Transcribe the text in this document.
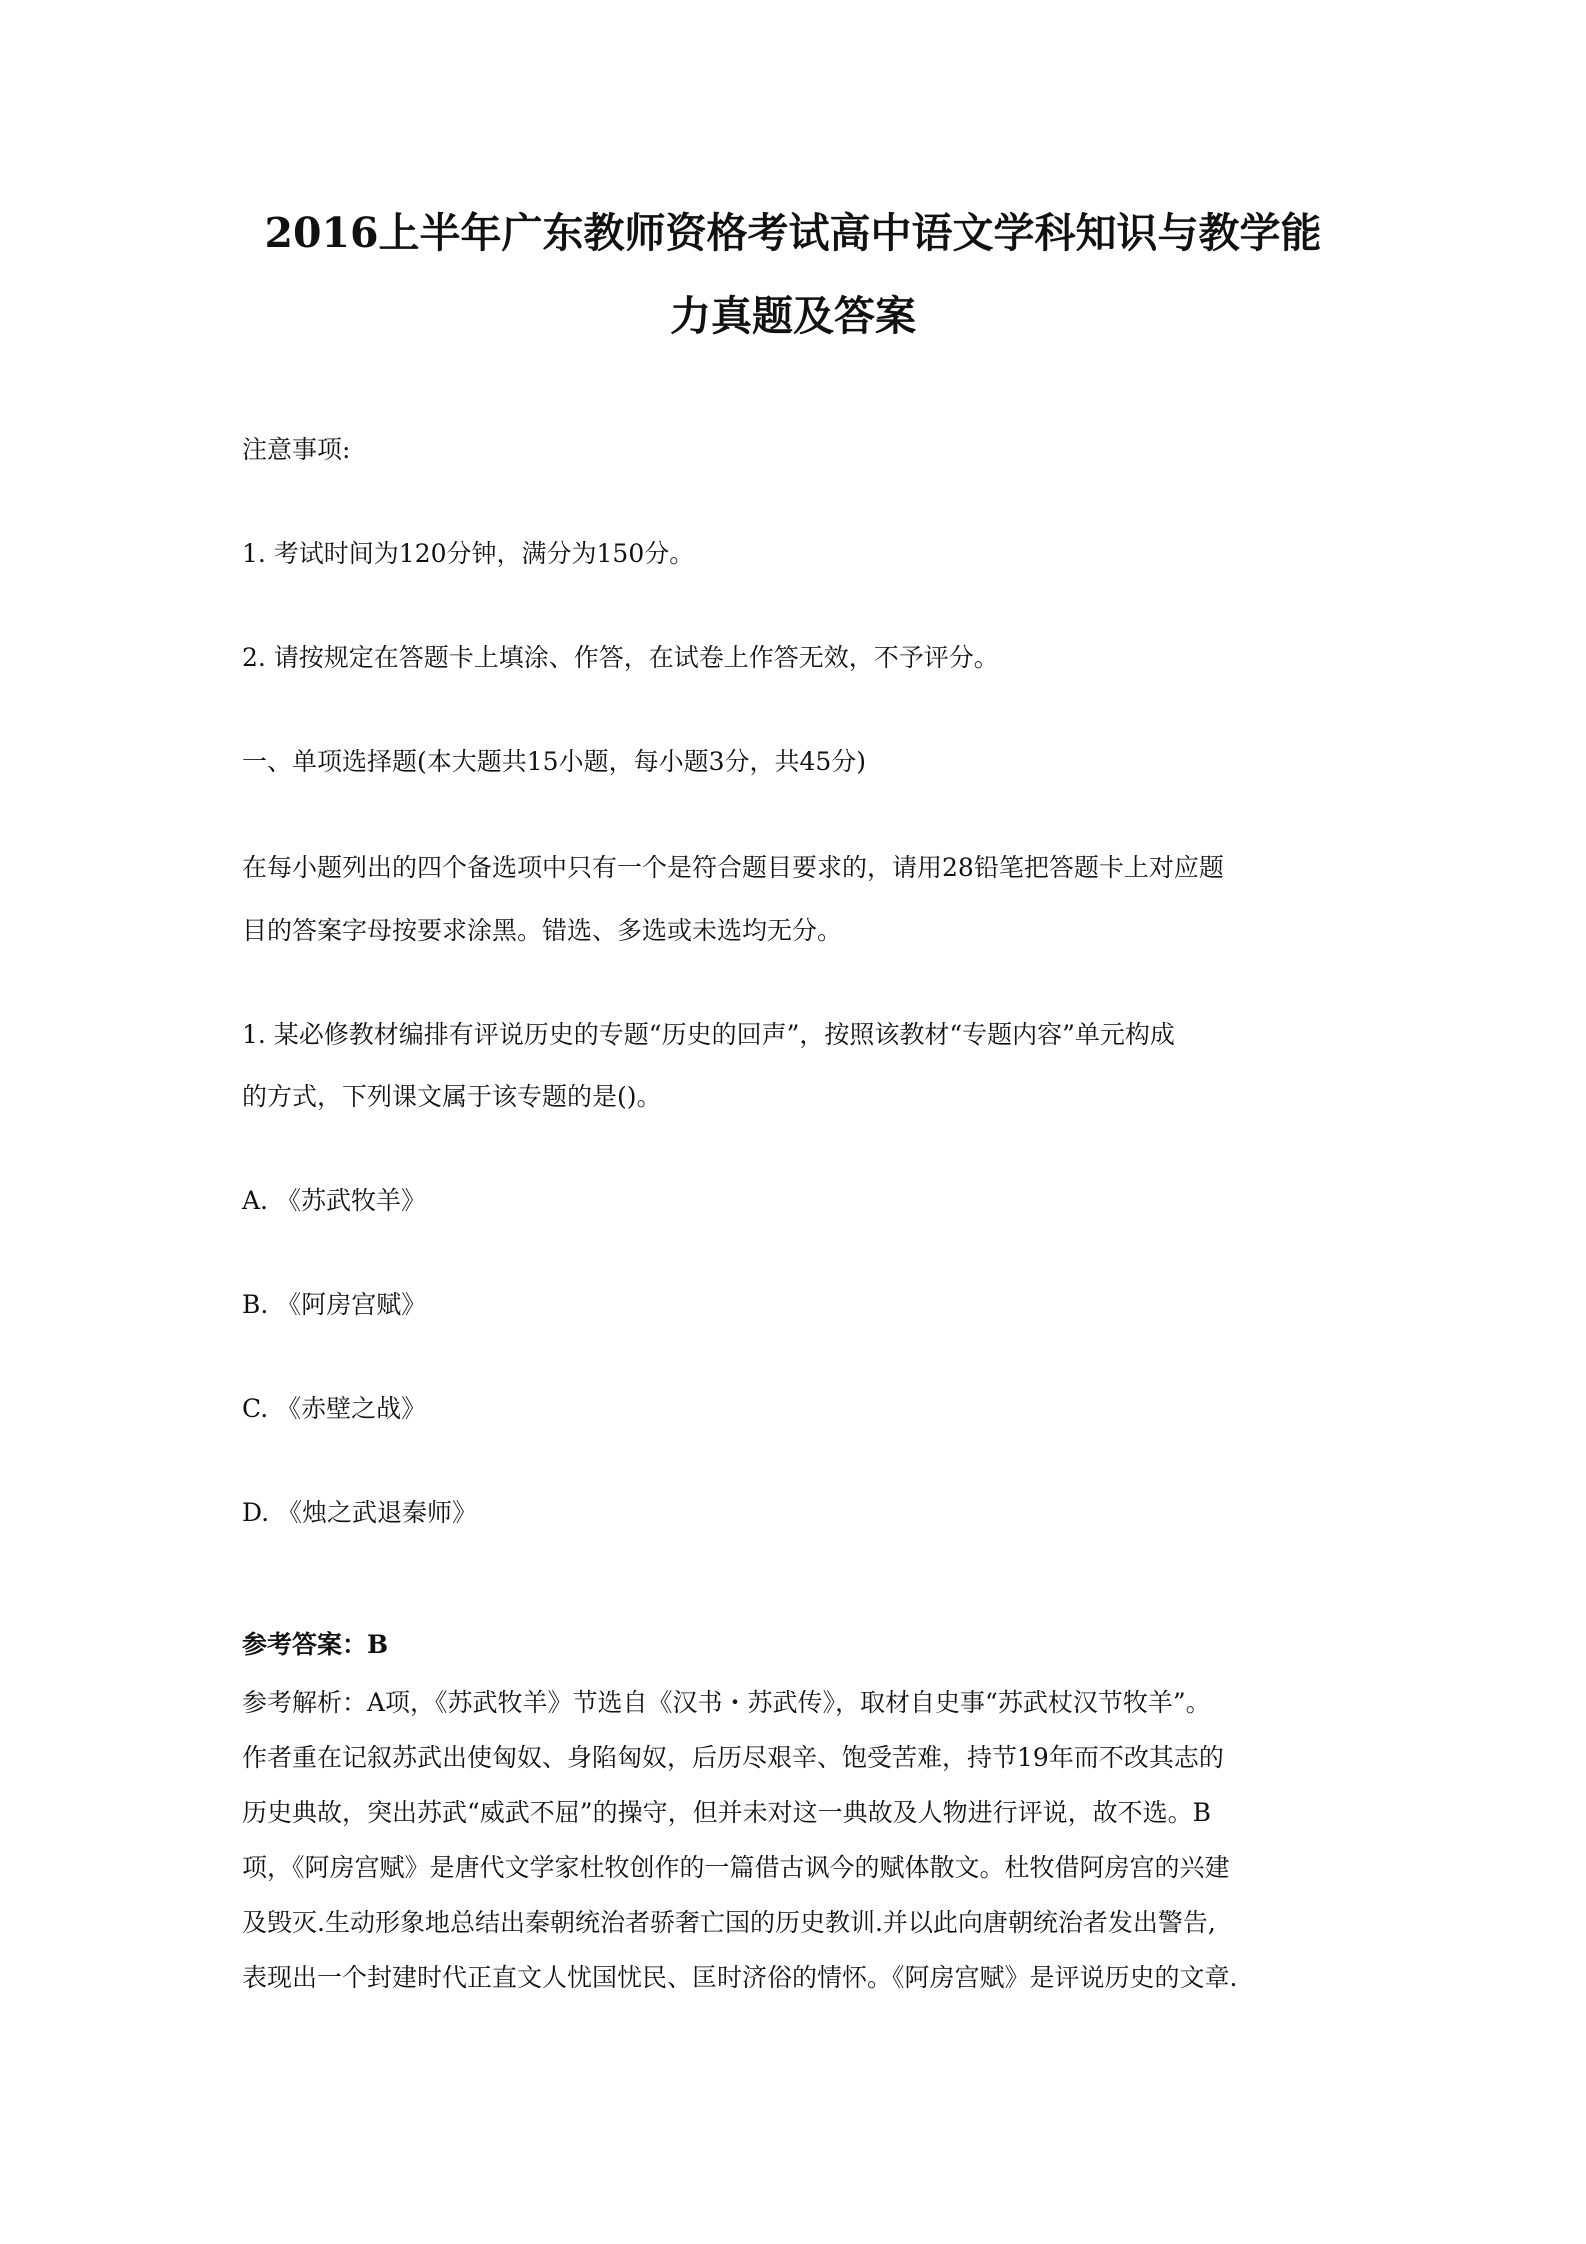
2016上半年广东教师资格考试高中语文学科知识与教学能
力真题及答案
注意事项:
1. 考试时间为120分钟，满分为150分。
2. 请按规定在答题卡上填涂、作答，在试卷上作答无效，不予评分。
一、单项选择题(本大题共15小题，每小题3分，共45分)
在每小题列出的四个备选项中只有一个是符合题目要求的，请用28铅笔把答题卡上对应题
目的答案字母按要求涂黑。错选、多选或未选均无分。
1. 某必修教材编排有评说历史的专题“历史的回声”，按照该教材“专题内容”单元构成
的方式，下列课文属于该专题的是()。
A. 《苏武牧羊》
B. 《阿房宫赋》
C. 《赤壁之战》
D. 《烛之武退秦师》
参考答案：B
参考解析：A项，《苏武牧羊》节选自《汉书・苏武传》，取材自史事“苏武杖汉节牧羊”。
作者重在记叙苏武出使匈奴、身陷匈奴，后历尽艰辛、饱受苦难，持节19年而不改其志的
历史典故，突出苏武“威武不屈”的操守，但并未对这一典故及人物进行评说，故不选。B
项，《阿房宫赋》是唐代文学家杜牧创作的一篇借古讽今的赋体散文。杜牧借阿房宫的兴建
及毁灭.生动形象地总结出秦朝统治者骄奢亡国的历史教训.并以此向唐朝统治者发出警告,
表现出一个封建时代正直文人忧国忧民、匡时济俗的情怀。《阿房宫赋》是评说历史的文章.
